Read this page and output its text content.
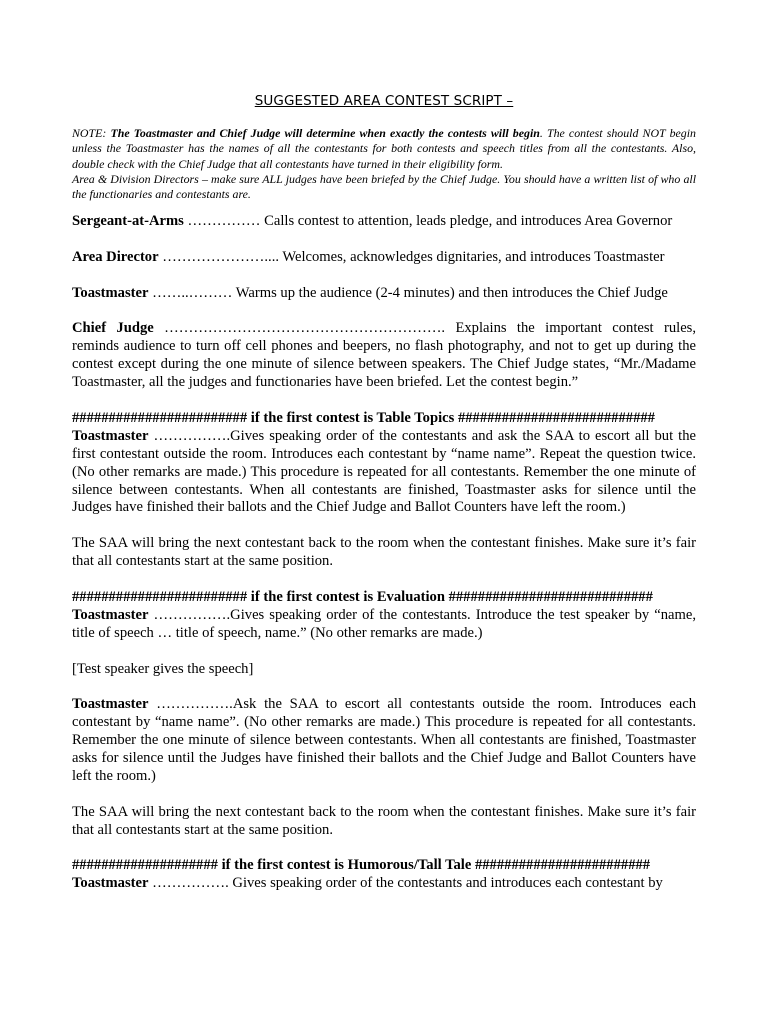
SUGGESTED AREA CONTEST SCRIPT –
NOTE: The Toastmaster and Chief Judge will determine when exactly the contests will begin. The contest should NOT begin unless the Toastmaster has the names of all the contestants for both contests and speech titles from all the contestants. Also, double check with the Chief Judge that all contestants have turned in their eligibility form.
Area & Division Directors – make sure ALL judges have been briefed by the Chief Judge. You should have a written list of who all the functionaries and contestants are.

Sergeant-at-Arms …………… Calls contest to attention, leads pledge, and introduces Area Governor

Area Director ………………….... Welcomes, acknowledges dignitaries, and introduces Toastmaster

Toastmaster ……..……… Warms up the audience (2-4 minutes) and then introduces the Chief Judge

Chief Judge …………………………………………………. Explains the important contest rules, reminds audience to turn off cell phones and beepers, no flash photography, and not to get up during the contest except during the one minute of silence between speakers. The Chief Judge states, “Mr./Madame Toastmaster, all the judges and functionaries have been briefed. Let the contest begin.”

######################## if the first contest is Table Topics ###########################

Toastmaster …………….Gives speaking order of the contestants and ask the SAA to escort all but the first contestant outside the room. Introduces each contestant by “name name”. Repeat the question twice. (No other remarks are made.) This procedure is repeated for all contestants. Remember the one minute of silence between contestants. When all contestants are finished, Toastmaster asks for silence until the Judges have finished their ballots and the Chief Judge and Ballot Counters have left the room.)

The SAA will bring the next contestant back to the room when the contestant finishes. Make sure it’s fair that all contestants start at the same position.

######################## if the first contest is Evaluation ############################

Toastmaster …………….Gives speaking order of the contestants. Introduce the test speaker by “name, title of speech … title of speech, name.” (No other remarks are made.)

[Test speaker gives the speech]

Toastmaster …………….Ask the SAA to escort all contestants outside the room. Introduces each contestant by “name name”. (No other remarks are made.) This procedure is repeated for all contestants. Remember the one minute of silence between contestants. When all contestants are finished, Toastmaster asks for silence until the Judges have finished their ballots and the Chief Judge and Ballot Counters have left the room.)

The SAA will bring the next contestant back to the room when the contestant finishes. Make sure it’s fair that all contestants start at the same position.

#################### if the first contest is Humorous/Tall Tale ########################

Toastmaster ……………. Gives speaking order of the contestants and introduces each contestant by
